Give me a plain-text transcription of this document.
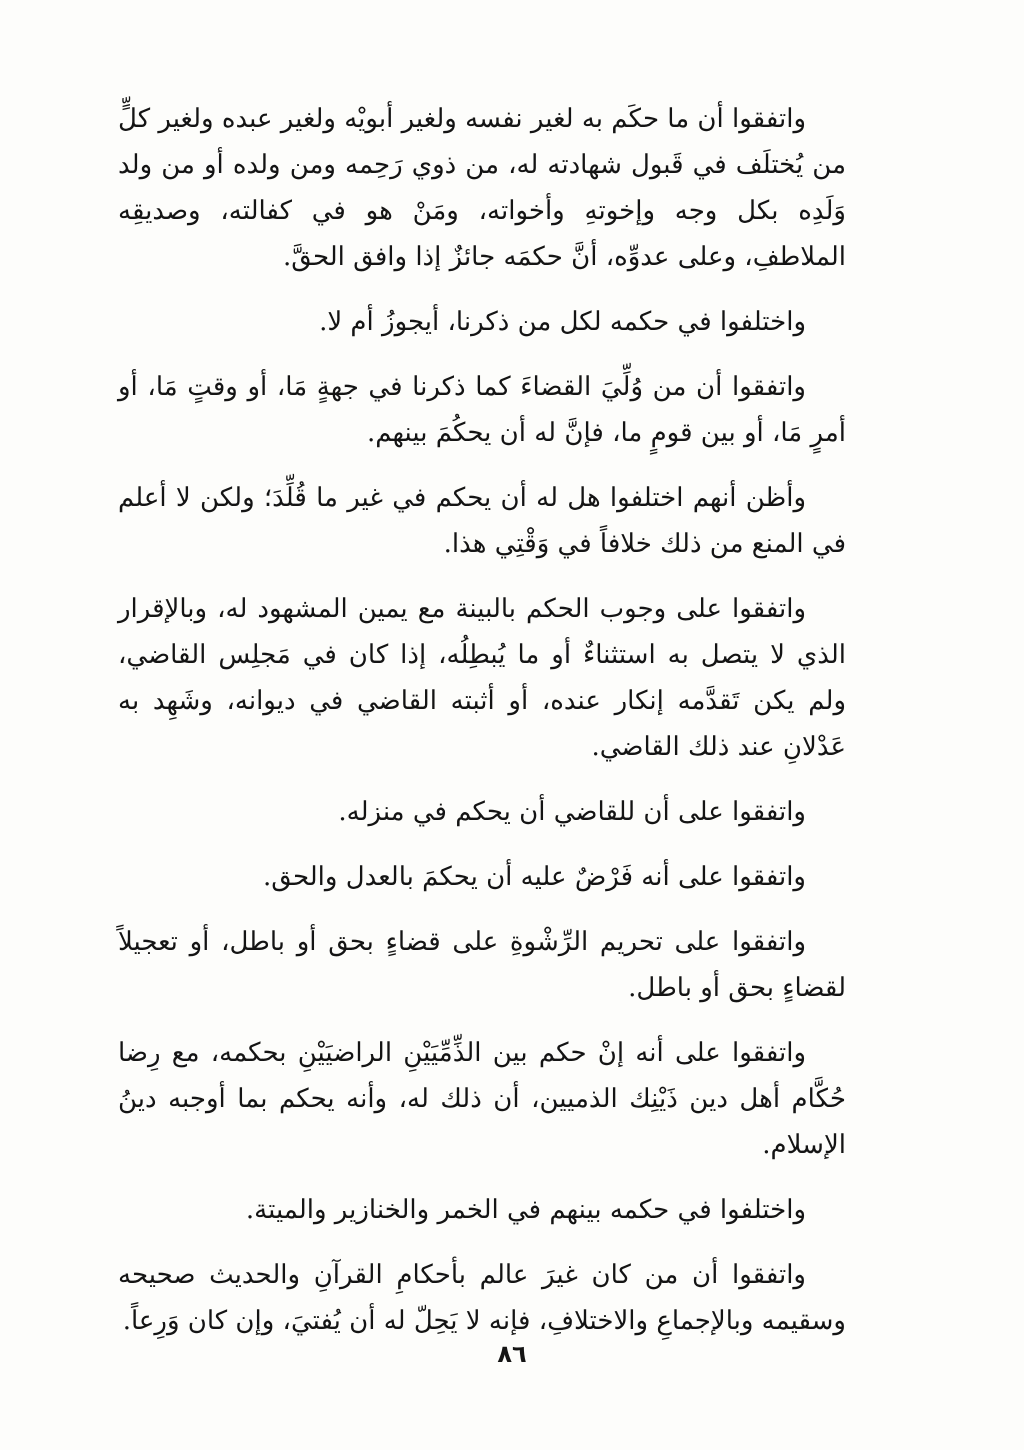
واتفقوا أن ما حكَم به لغير نفسه ولغير أبويْه ولغير عبده ولغير كلٍّ من يُختلَف في قَبول شهادته له، من ذوي رَحِمه ومن ولده أو من ولد وَلَدِه بكل وجه وإخوتهِ وأخواته، ومَنْ هو في كفالته، وصديقِه الملاطفِ، وعلى عدوِّه، أنَّ حكمَه جائزٌ إذا وافق الحقَّ.

واختلفوا في حكمه لكل من ذكرنا، أيجوزُ أم لا.

واتفقوا أن من وُلِّيَ القضاءَ كما ذكرنا في جهةٍ مَا، أو وقتٍ مَا، أو أمرٍ مَا، أو بين قومٍ ما، فإنَّ له أن يحكُمَ بينهم.

وأظن أنهم اختلفوا هل له أن يحكم في غير ما قُلِّدَ؛ ولكن لا أعلم في المنع من ذلك خلافاً في وَقْتِي هذا.

واتفقوا على وجوب الحكم بالبينة مع يمين المشهود له، وبالإقرار الذي لا يتصل به استثناءٌ أو ما يُبطِلُه، إذا كان في مَجلِس القاضي، ولم يكن تَقدَّمه إنكار عنده، أو أثبته القاضي في ديوانه، وشَهِد به عَدْلانِ عند ذلك القاضي.

واتفقوا على أن للقاضي أن يحكم في منزله.

واتفقوا على أنه فَرْضٌ عليه أن يحكمَ بالعدل والحق.

واتفقوا على تحريم الرِّشْوةِ على قضاءٍ بحق أو باطل، أو تعجيلاً لقضاءٍ بحق أو باطل.

واتفقوا على أنه إنْ حكم بين الذِّمِّيَيْنِ الراضيَيْنِ بحكمه، مع رِضا حُكَّام أهل دين ذَيْنِك الذميين، أن ذلك له، وأنه يحكم بما أوجبه دينُ الإسلام.

واختلفوا في حكمه بينهم في الخمر والخنازير والميتة.

واتفقوا أن من كان غيرَ عالم بأحكامِ القرآنِ والحديث صحيحه وسقيمه وبالإجماعِ والاختلافِ، فإنه لا يَحِلّ له أن يُفتيَ، وإن كان وَرِعاً.

٨٦
